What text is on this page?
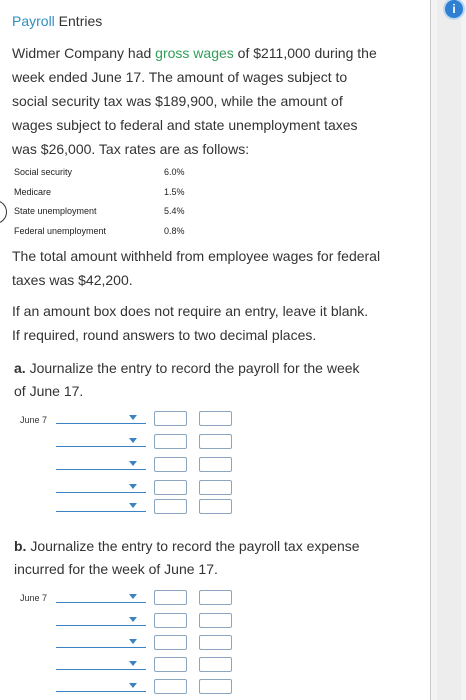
Payroll Entries
Widmer Company had gross wages of $211,000 during the
week ended June 17. The amount of wages subject to
social security tax was $189,900, while the amount of
wages subject to federal and state unemployment taxes
was $26,000. Tax rates are as follows:
Social security	6.0%
Medicare	1.5%
State unemployment	5.4%
Federal unemployment	0.8%
The total amount withheld from employee wages for federal
taxes was $42,200.
If an amount box does not require an entry, leave it blank.
If required, round answers to two decimal places.
a. Journalize the entry to record the payroll for the week
of June 17.
June 7
b. Journalize the entry to record the payroll tax expense
incurred for the week of June 17.
June 7
i
